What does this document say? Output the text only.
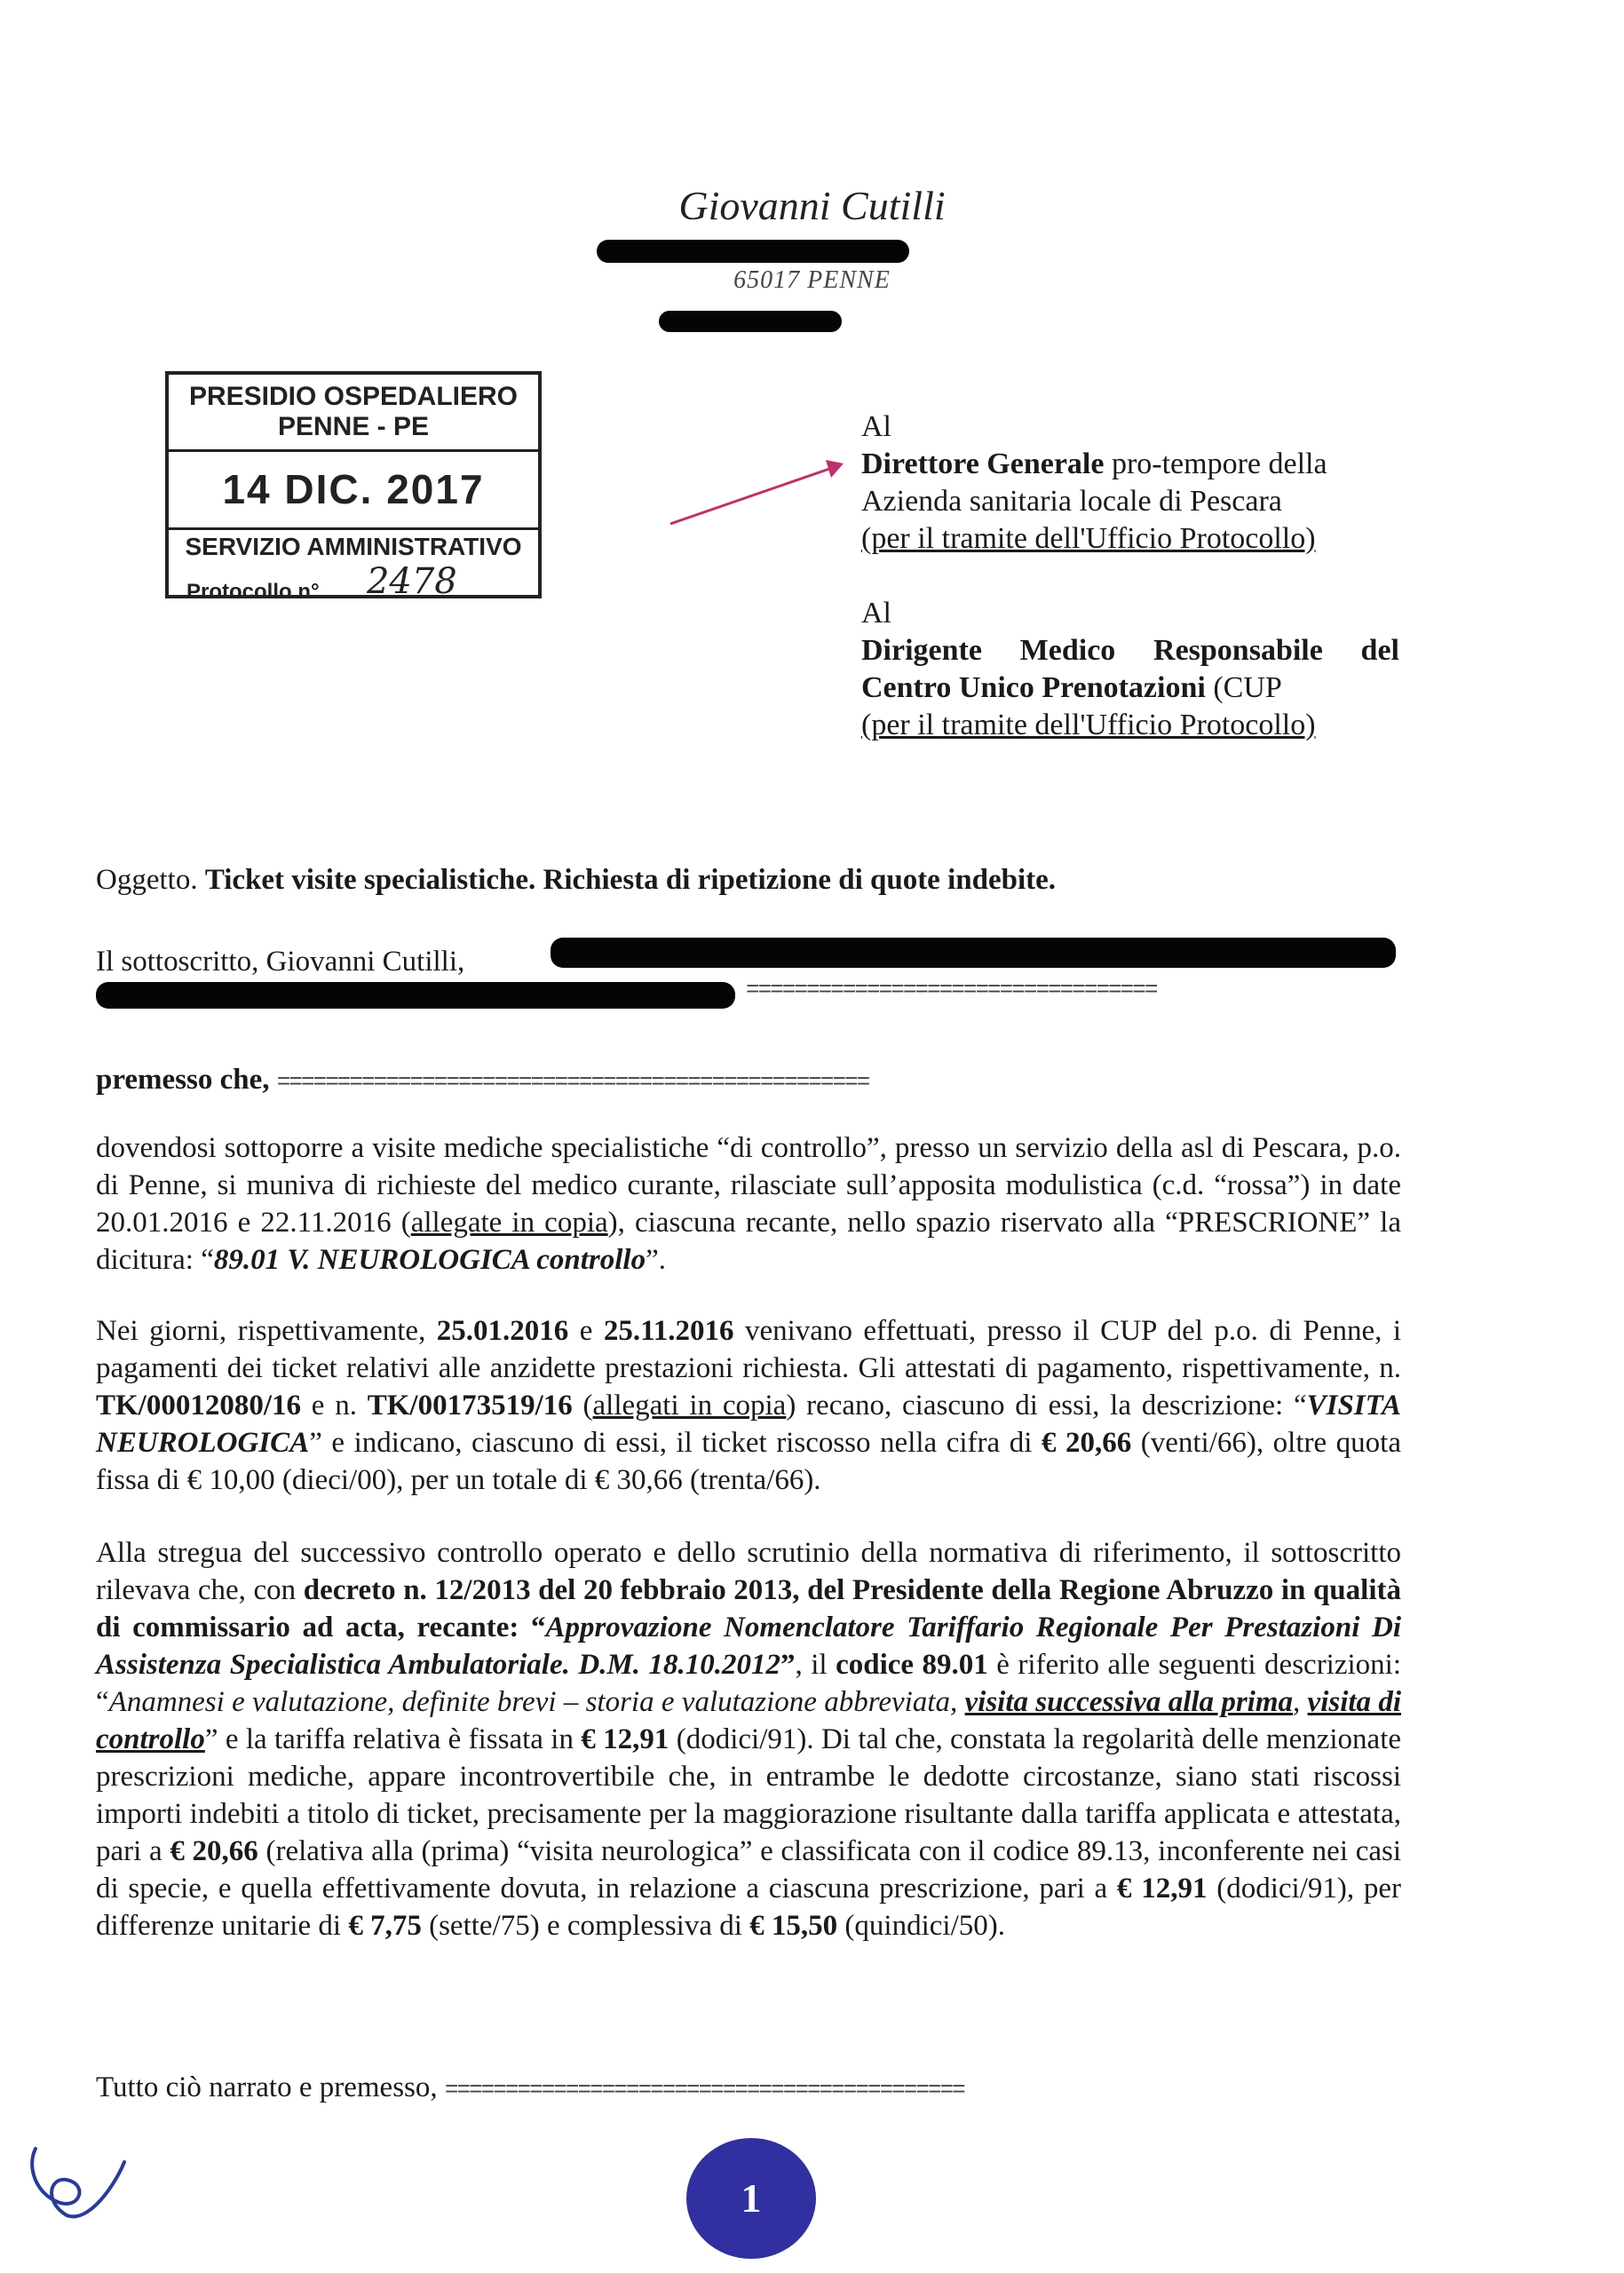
Giovanni Cutilli
65017 PENNE
PRESIDIO OSPEDALIERO
PENNE - PE
14 DIC. 2017
SERVIZIO AMMINISTRATIVO
Protocollo n°........2478........
Al
Direttore Generale pro-tempore della
Azienda sanitaria locale di Pescara
(per il tramite dell'Ufficio Protocollo)
Al
Dirigente Medico Responsabile del
Centro Unico Prenotazioni (CUP
(per il tramite dell'Ufficio Protocollo)
Oggetto. Ticket visite specialistiche. Richiesta di ripetizione di quote indebite.
Il sottoscritto, Giovanni Cutilli,
==================================
premesso che, =================================================
dovendosi sottoporre a visite mediche specialistiche “di controllo”, presso un servizio della asl di Pescara, p.o. di Penne, si muniva di richieste del medico curante, rilasciate sull’apposita modulistica (c.d. “rossa”) in date 20.01.2016 e 22.11.2016 (allegate in copia), ciascuna recante, nello spazio riservato alla “PRESCRIONE” la dicitura: “89.01 V. NEUROLOGICA controllo”.
Nei giorni, rispettivamente, 25.01.2016 e 25.11.2016 venivano effettuati, presso il CUP del p.o. di Penne, i pagamenti dei ticket relativi alle anzidette prestazioni richiesta. Gli attestati di pagamento, rispettivamente, n. TK/00012080/16 e n. TK/00173519/16 (allegati in copia) recano, ciascuno di essi, la descrizione: “VISITA NEUROLOGICA” e indicano, ciascuno di essi, il ticket riscosso nella cifra di € 20,66 (venti/66), oltre quota fissa di € 10,00 (dieci/00), per un totale di € 30,66 (trenta/66).
Alla stregua del successivo controllo operato e dello scrutinio della normativa di riferimento, il sottoscritto rilevava che, con decreto n. 12/2013 del 20 febbraio 2013, del Presidente della Regione Abruzzo in qualità di commissario ad acta, recante: “Approvazione Nomenclatore Tariffario Regionale Per Prestazioni Di Assistenza Specialistica Ambulatoriale. D.M. 18.10.2012”, il codice 89.01 è riferito alle seguenti descrizioni: “Anamnesi e valutazione, definite brevi – storia e valutazione abbreviata, visita successiva alla prima, visita di controllo” e la tariffa relativa è fissata in € 12,91 (dodici/91). Di tal che, constata la regolarità delle menzionate prescrizioni mediche, appare incontrovertibile che, in entrambe le dedotte circostanze, siano stati riscossi importi indebiti a titolo di ticket, precisamente per la maggiorazione risultante dalla tariffa applicata e attestata, pari a € 20,66 (relativa alla (prima) “visita neurologica” e classificata con il codice 89.13, inconferente nei casi di specie, e quella effettivamente dovuta, in relazione a ciascuna prescrizione, pari a € 12,91 (dodici/91), per differenze unitarie di € 7,75 (sette/75) e complessiva di € 15,50 (quindici/50).
Tutto ciò narrato e premesso, ===========================================
1
